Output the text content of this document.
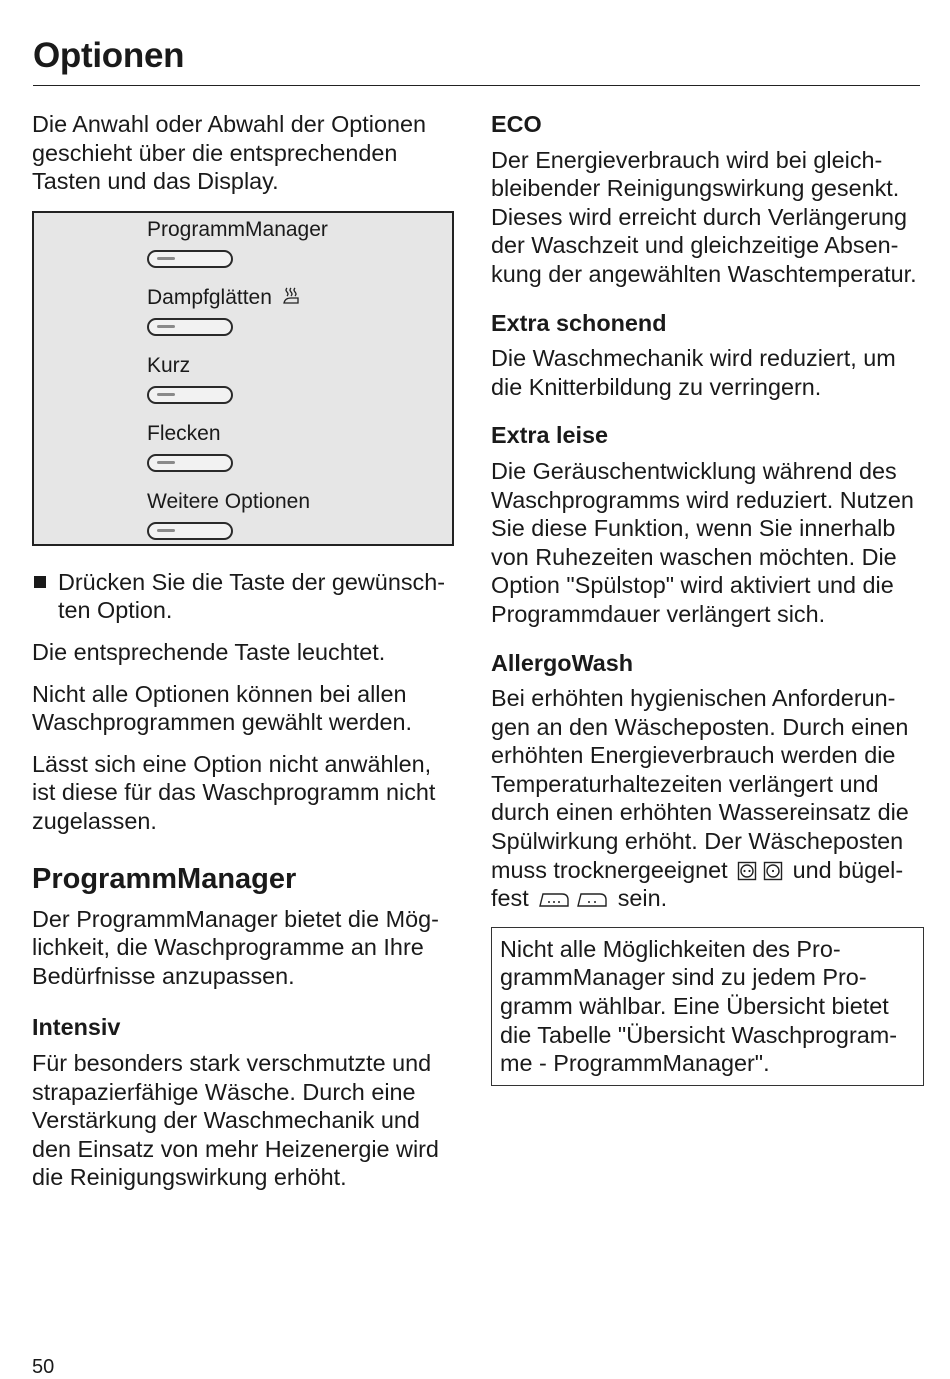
Optionen

Die Anwahl oder Abwahl der Optionen geschieht über die entsprechenden Tasten und das Display.

ProgrammManager
Dampfglätten
Kurz
Flecken
Weitere Optionen

Drücken Sie die Taste der gewünschten Option.

Die entsprechende Taste leuchtet.

Nicht alle Optionen können bei allen Waschprogrammen gewählt werden.

Lässt sich eine Option nicht anwählen, ist diese für das Waschprogramm nicht zugelassen.

ProgrammManager

Der ProgrammManager bietet die Möglichkeit, die Waschprogramme an Ihre Bedürfnisse anzupassen.

Intensiv

Für besonders stark verschmutzte und strapazierfähige Wäsche. Durch eine Verstärkung der Waschmechanik und den Einsatz von mehr Heizenergie wird die Reinigungswirkung erhöht.

ECO

Der Energieverbrauch wird bei gleichbleibender Reinigungswirkung gesenkt. Dieses wird erreicht durch Verlängerung der Waschzeit und gleichzeitige Absenkung der angewählten Waschtemperatur.

Extra schonend

Die Waschmechanik wird reduziert, um die Knitterbildung zu verringern.

Extra leise

Die Geräuschentwicklung während des Waschprogramms wird reduziert. Nutzen Sie diese Funktion, wenn Sie innerhalb von Ruhezeiten waschen möchten. Die Option "Spülstop" wird aktiviert und die Programmdauer verlängert sich.

AllergoWash

Bei erhöhten hygienischen Anforderungen an den Wäscheposten. Durch einen erhöhten Energieverbrauch werden die Temperaturhaltezeiten verlängert und durch einen erhöhten Wassereinsatz die Spülwirkung erhöht. Der Wäscheposten muss trocknergeeignet	und bügelfest	sein.

Nicht alle Möglichkeiten des ProgrammManager sind zu jedem Programm wählbar. Eine Übersicht bietet die Tabelle "Übersicht Waschprogramme - ProgrammManager".

50
